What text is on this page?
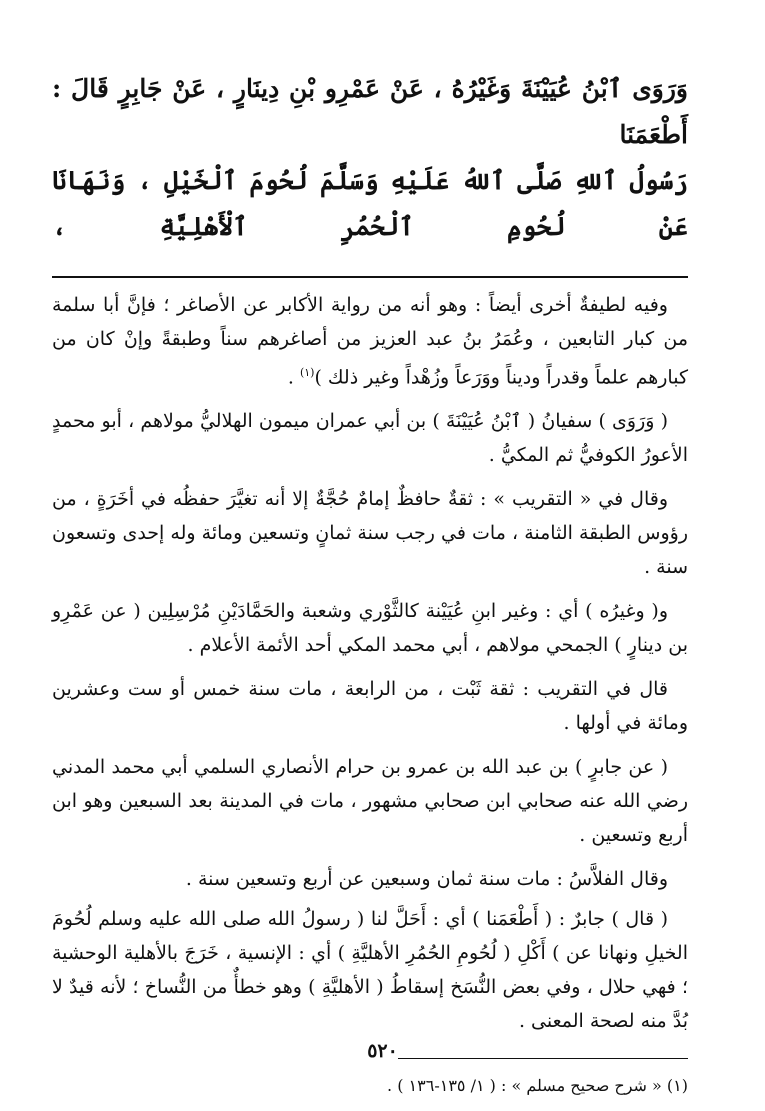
وَرَوَى ٱبْنُ عُيَيْنَةَ وَغَيْرُهُ ، عَنْ عَمْرِو بْنِ دِينَارٍ ، عَنْ جَابِرٍ قَالَ : أَطْعَمَنَا
رَسُولُ ٱللهِ صَلَّى ٱللهُ عَلَيْهِ وَسَلَّمَ لُحُومَ ٱلْخَيْلِ ، وَنَهَانَا عَنْ لُحُومِ ٱلْحُمُرِ ٱلْأَهْلِيَّةِ ،

وفيه لطيفةٌ أخرى أيضاً : وهو أنه من رواية الأكابر عن الأصاغر ؛ فإنَّ أبا سلمة من كبار التابعين ، وعُمَرُ بنُ عبد العزيز من أصاغرهم سناً وطبقةً وإنْ كان من كبارهم علماً وقدراً وديناً ووَرَعاً وزُهْداً وغير ذلك )$^{(١)}$ .

( وَرَوَى ) سفيانُ ( ٱبْنُ عُيَيْنَةَ ) بن أبي عمران ميمون الهلاليُّ مولاهم ، أبو محمدٍ الأعورُ الكوفيُّ ثم المكيُّ .

وقال في « التقريب » : ثقةٌ حافظٌ إمامٌ حُجَّةٌ إلا أنه تغيَّرَ حفظُه في أخَرَةٍ ، من رؤوس الطبقة الثامنة ، مات في رجب سنة ثمانٍ وتسعين ومائة وله إحدى وتسعون سنة .

و( وغيرُه ) أي : وغير ابنِ عُيَيْنة كالثَّوْري وشعبة والحَمَّادَيْنِ مُرْسِلِين ( عن عَمْرِو بن دينارٍ ) الجمحي مولاهم ، أبي محمد المكي أحد الأئمة الأعلام .

قال في التقريب : ثقة ثَبْت ، من الرابعة ، مات سنة خمس أو ست وعشرين ومائة في أولها .

( عن جابرٍ ) بن عبد الله بن عمرو بن حرام الأنصاري السلمي أبي محمد المدني رضي الله عنه صحابي ابن صحابي مشهور ، مات في المدينة بعد السبعين وهو ابن أربع وتسعين .

وقال الفلاَّسُ : مات سنة ثمان وسبعين عن أربع وتسعين سنة .

( قال ) جابرٌ : ( أَطْعَمَنا ) أي : أَحَلَّ لنا ( رسولُ الله صلى الله عليه وسلم لُحُومَ الخيلِ ونهانا عن ) أَكْلِ ( لُحُومِ الحُمُرِ الأهليَّةِ ) أي : الإنسية ، خَرَجَ بالأهلية الوحشية ؛ فهي حلال ، وفي بعض النُّسَخ إسقاطُ ( الأهليَّةِ ) وهو خطأٌ من النُّساخ ؛ لأنه قيدٌ لا بُدَّ منه لصحة المعنى .

(١) « شرح صحيح مسلم » : ( ١/ ١٣٥-١٣٦ ) .
٥٢٠
